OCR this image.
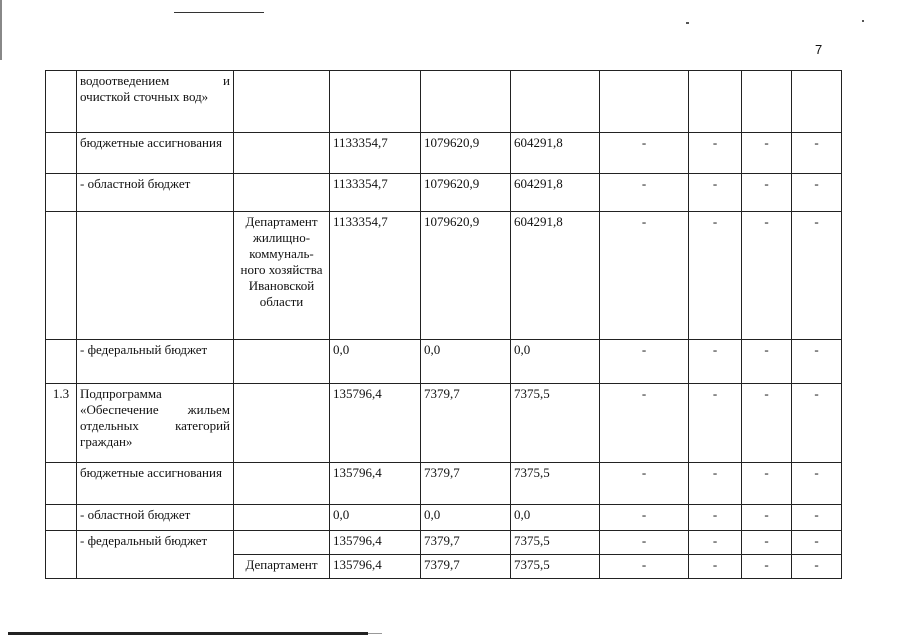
7
	водоотведением и очисткой сточных вод»								
	бюджетные ассигнования		1133354,7	1079620,9	604291,8	-	-	-	-
	- областной бюджет		1133354,7	1079620,9	604291,8	-	-	-	-
		Департамент жилищно-коммуналь-ного хозяйства Ивановской области	1133354,7	1079620,9	604291,8	-	-	-	-
	- федеральный бюджет		0,0	0,0	0,0	-	-	-	-
1.3	Подпрограмма «Обеспечение жильем отдельных категорий граждан»		135796,4	7379,7	7375,5	-	-	-	-
	бюджетные ассигнования		135796,4	7379,7	7375,5	-	-	-	-
	- областной бюджет		0,0	0,0	0,0	-	-	-	-
	- федеральный бюджет		135796,4	7379,7	7375,5	-	-	-	-
		Департамент	135796,4	7379,7	7375,5	-	-	-	-
